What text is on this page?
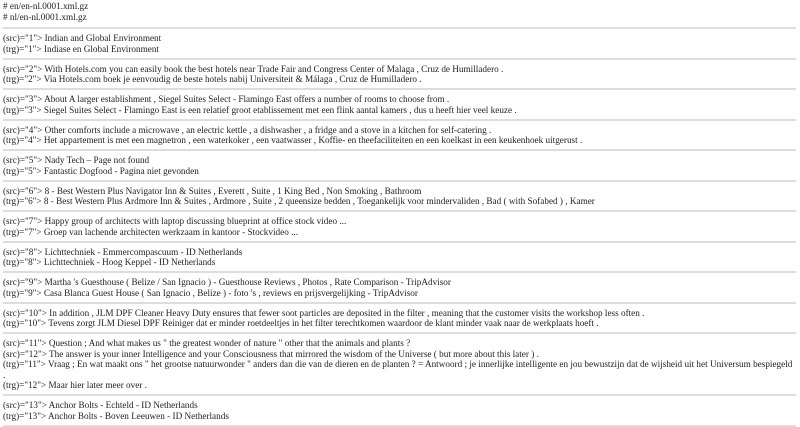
# en/en-nl.0001.xml.gz
# nl/en-nl.0001.xml.gz
(src)="1"> Indian and Global Environment
(trg)="1"> Indiase en Global Environment
(src)="2"> With Hotels.com you can easily book the best hotels near Trade Fair and Congress Center of Malaga , Cruz de Humilladero .
(trg)="2"> Via Hotels.com boek je eenvoudig de beste hotels nabij Universiteit & Málaga , Cruz de Humilladero .
(src)="3"> About A larger establishment , Siegel Suites Select - Flamingo East offers a number of rooms to choose from .
(trg)="3"> Siegel Suites Select - Flamingo East is een relatief groot etablissement met een flink aantal kamers , dus u heeft hier veel keuze .
(src)="4"> Other comforts include a microwave , an electric kettle , a dishwasher , a fridge and a stove in a kitchen for self-catering .
(trg)="4"> Het appartement is met een magnetron , een waterkoker , een vaatwasser , Koffie- en theefaciliteiten en een koelkast in een keukenhoek uitgerust .
(src)="5"> Nady Tech – Page not found
(trg)="5"> Fantastic Dogfood - Pagina niet gevonden
(src)="6"> 8 - Best Western Plus Navigator Inn & Suites , Everett , Suite , 1 King Bed , Non Smoking , Bathroom
(trg)="6"> 8 - Best Western Plus Ardmore Inn & Suites , Ardmore , Suite , 2 queensize bedden , Toegankelijk voor mindervaliden , Bad ( with Sofabed ) , Kamer
(src)="7"> Happy group of architects with laptop discussing blueprint at office stock video ...
(trg)="7"> Groep van lachende architecten werkzaam in kantoor - Stockvideo ...
(src)="8"> Lichttechniek - Emmercompascuum - ID Netherlands
(trg)="8"> Lichttechniek - Hoog Keppel - ID Netherlands
(src)="9"> Martha 's Guesthouse ( Belize / San Ignacio ) - Guesthouse Reviews , Photos , Rate Comparison - TripAdvisor
(trg)="9"> Casa Blanca Guest House ( San Ignacio , Belize ) - foto 's , reviews en prijsvergelijking - TripAdvisor
(src)="10"> In addition , JLM DPF Cleaner Heavy Duty ensures that fewer soot particles are deposited in the filter , meaning that the customer visits the workshop less often .
(trg)="10"> Tevens zorgt JLM Diesel DPF Reiniger dat er minder roetdeeltjes in het filter terechtkomen waardoor de klant minder vaak naar de werkplaats hoeft .
(src)="11"> Question ; And what makes us " the greatest wonder of nature " other that the animals and plants ?
(src)="12"> The answer is your inner Intelligence and your Consciousness that mirrored the wisdom of the Universe ( but more about this later ) .
(trg)="11"> Vraag ; En wat maakt ons " het grootse natuurwonder " anders dan die van de dieren en de planten ? = Antwoord ; je innerlijke intelligente en jou bewustzijn dat de wijsheid uit het Universum bespiegeld .
(trg)="12"> Maar hier later meer over .
(src)="13"> Anchor Bolts - Echteld - ID Netherlands
(trg)="13"> Anchor Bolts - Boven Leeuwen - ID Netherlands
